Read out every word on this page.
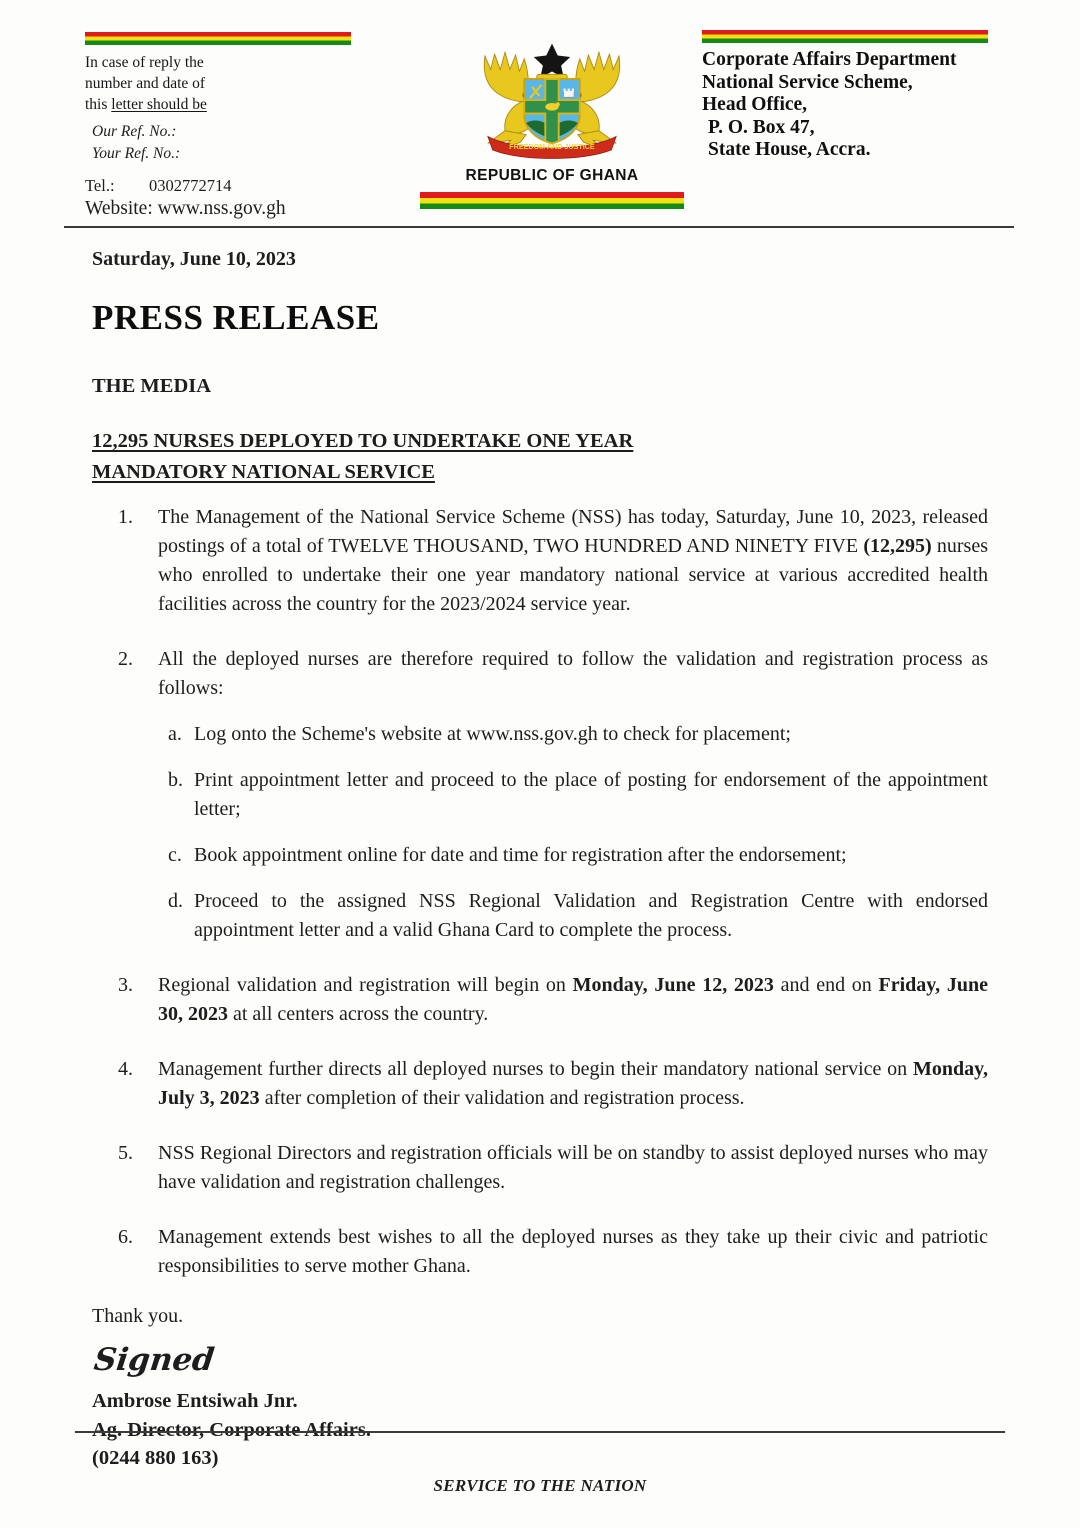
In case of reply the
number and date of
this letter should be
Our Ref. No.:
Your Ref. No.:
Tel.: 0302772714
Website: www.nss.gov.gh
FREEDOM AND JUSTICE
REPUBLIC OF GHANA
Corporate Affairs Department
National Service Scheme,
Head Office,
P. O. Box 47,
State House, Accra.
Saturday, June 10, 2023
PRESS RELEASE
THE MEDIA
12,295 NURSES DEPLOYED TO UNDERTAKE ONE YEAR
MANDATORY NATIONAL SERVICE
1.	The Management of the National Service Scheme (NSS) has today, Saturday, June 10, 2023, released postings of a total of TWELVE THOUSAND, TWO HUNDRED AND NINETY FIVE (12,295) nurses who enrolled to undertake their one year mandatory national service at various accredited health facilities across the country for the 2023/2024 service year.
2.	All the deployed nurses are therefore required to follow the validation and registration process as follows:
a. Log onto the Scheme's website at www.nss.gov.gh to check for placement;
b. Print appointment letter and proceed to the place of posting for endorsement of the appointment letter;
c. Book appointment online for date and time for registration after the endorsement;
d. Proceed to the assigned NSS Regional Validation and Registration Centre with endorsed appointment letter and a valid Ghana Card to complete the process.
3.	Regional validation and registration will begin on Monday, June 12, 2023 and end on Friday, June 30, 2023 at all centers across the country.
4.	Management further directs all deployed nurses to begin their mandatory national service on Monday, July 3, 2023 after completion of their validation and registration process.
5.	NSS Regional Directors and registration officials will be on standby to assist deployed nurses who may have validation and registration challenges.
6.	Management extends best wishes to all the deployed nurses as they take up their civic and patriotic responsibilities to serve mother Ghana.
Thank you.
Signed
Ambrose Entsiwah Jnr.
Ag. Director, Corporate Affairs.
(0244 880 163)
SERVICE TO THE NATION
